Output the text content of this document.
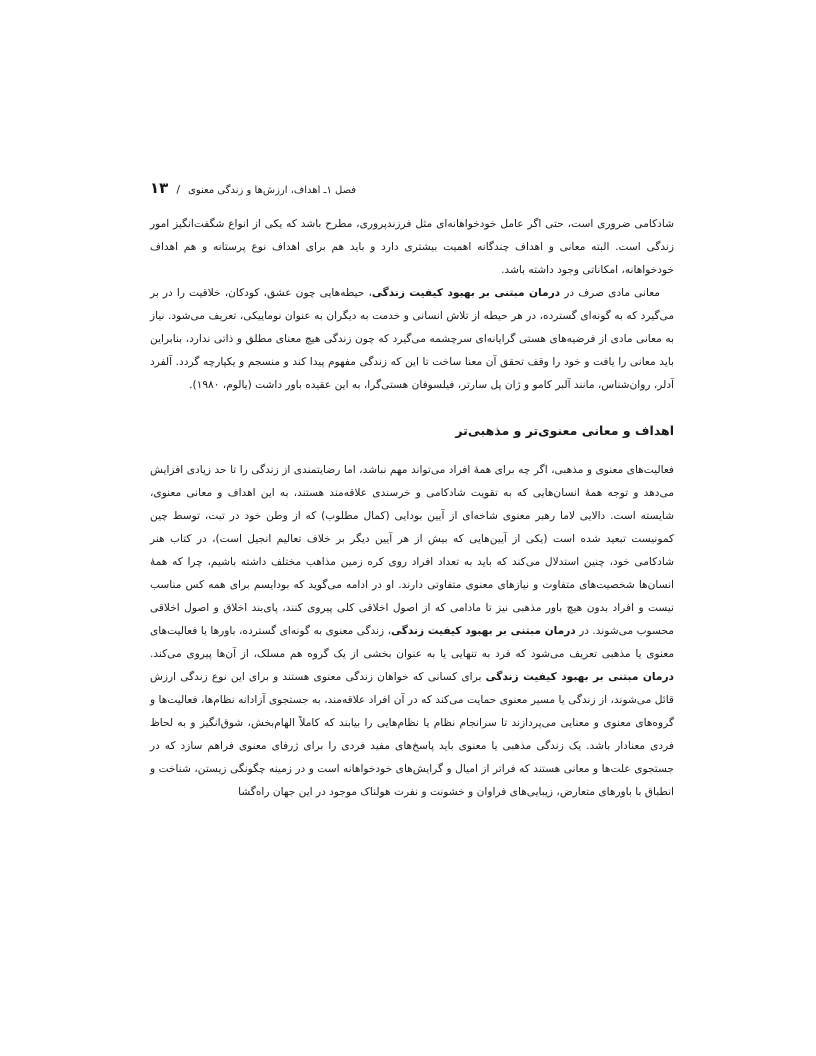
فصل ۱ـ اهداف، ارزش‌ها و زندگی معنوی
/
۱۳

شادکامی ضروری است، حتی اگر عامل خودخواهانه‌ای مثل فرزندپروری، مطرح باشد که یکی از انواع شگفت‌انگیز امور زندگی است. البته معانی و اهداف چندگانه اهمیت بیشتری دارد و باید هم برای اهداف نوع پرستانه و هم اهداف خودخواهانه، امکاناتی وجود داشته باشد.

معانی مادی صرف در درمان مبتنی بر بهبود کیفیت زندگی، حیطه‌هایی چون عشق، کودکان، خلاقیت را در بر می‌گیرد که به گونه‌ای گسترده، در هر حیطه از تلاش انسانی و خدمت به دیگران به عنوان نوماییکی، تعریف می‌شود. نیاز به معانی مادی از فرضیه‌های هستی گرایانه‌ای سرچشمه می‌گیرد که چون زندگی هیچ معنای مطلق و ذاتی ندارد، بنابراین باید معانی را یافت و خود را وقف تحقق آن معنا ساخت تا این که زندگی مفهوم پیدا کند و منسجم و یکپارچه گردد. آلفرد آدلر، روان‌شناس، مانند آلبر کامو و ژان پل سارتر، فیلسوفان هستی‌گرا، به این عقیده باور داشت (یالوم، ۱۹۸۰).

اهداف و معانی معنوی‌تر و مذهبی‌تر

فعالیت‌های معنوی و مذهبی، اگر چه برای همهٔ افراد می‌تواند مهم نباشد، اما رضایتمندی از زندگی را تا حد زیادی افزایش می‌دهد و توجه همهٔ انسان‌هایی که به تقویت شادکامی و خرسندی علاقه‌مند هستند، به این اهداف و معانی معنوی، شایسته است. دالایی لاما رهبر معنوی شاخه‌ای از آیین بودایی (کمال مطلوب) که از وطن خود در تبت، توسط چین کمونیست تبعید شده است (یکی از آیین‌هایی که بیش از هر آیین دیگر بر خلاف تعالیم انجیل است)، در کتاب هنر شادکامی خود، چنین استدلال می‌کند که باید به تعداد افراد روی کره زمین مذاهب مختلف داشته باشیم، چرا که همهٔ انسان‌ها شخصیت‌های متفاوت و نیازهای معنوی متفاوتی دارند. او در ادامه می‌گوید که بودایسم برای همه کس مناسب نیست و افراد بدون هیچ باور مذهبی نیز تا مادامی که از اصول اخلاقی کلی پیروی کنند، پای‌بند اخلاق و اصول اخلاقی محسوب می‌شوند. در درمان مبتنی بر بهبود کیفیت زندگی، زندگی معنوی به گونه‌ای گسترده، باورها یا فعالیت‌های معنوی یا مذهبی تعریف می‌شود که فرد به تنهایی یا به عنوان بخشی از یک گروه هم مسلک، از آن‌ها پیروی می‌کند. درمان مبتنی بر بهبود کیفیت زندگی برای کسانی که خواهان زندگی معنوی هستند و برای این نوع زندگی ارزش قائل می‌شوند، از زندگی یا مسیر معنوی حمایت می‌کند که در آن افراد علاقه‌مند، به جستجوی آزادانه نظام‌ها، فعالیت‌ها و گروه‌های معنوی و معنایی می‌پردازند تا سرانجام نظام یا نظام‌هایی را بیابند که کاملاً الهام‌بخش، شوق‌انگیز و به لحاظ فردی معنادار باشد. یک زندگی مذهبی یا معنوی باید پاسخ‌های مفید فردی را برای ژرفای معنوی فراهم سازد که در جستجوی علت‌ها و معانی هستند که فراتر از امیال و گرایش‌های خودخواهانه است و در زمینه چگونگی زیستن، شناخت و انطباق با باورهای متعارض، زیبایی‌های فراوان و خشونت و نفرت هولناک موجود در این جهان راه‌گشا
